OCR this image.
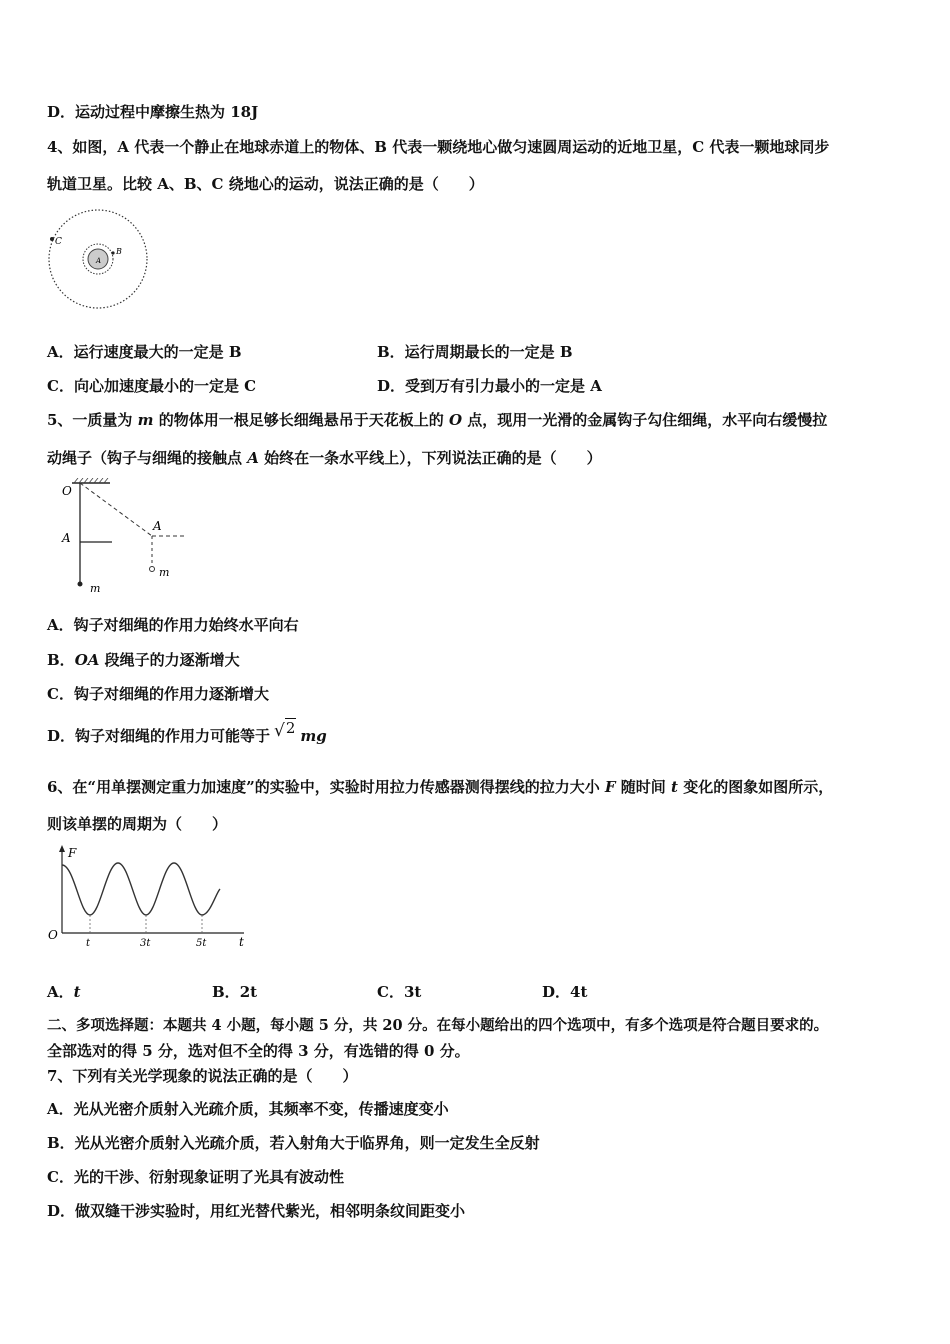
D．运动过程中摩擦生热为 18J
4、如图，A 代表一个静止在地球赤道上的物体、B 代表一颗绕地心做匀速圆周运动的近地卫星，C 代表一颗地球同步
轨道卫星。比较 A、B、C 绕地心的运动，说法正确的是（　　）
C
B
A
A．运行速度最大的一定是 B	B．运行周期最长的一定是 B
C．向心加速度最小的一定是 C	D．受到万有引力最小的一定是 A
5、一质量为 m 的物体用一根足够长细绳悬吊于天花板上的 O 点，现用一光滑的金属钩子勾住细绳，水平向右缓慢拉
动绳子（钩子与细绳的接触点 A 始终在一条水平线上），下列说法正确的是（　　）
O
A
m
A
m
A．钩子对细绳的作用力始终水平向右
B．OA 段绳子的力逐渐增大
C．钩子对细绳的作用力逐渐增大
D．钩子对细绳的作用力可能等于 √2 mg
6、在“用单摆测定重力加速度”的实验中，实验时用拉力传感器测得摆线的拉力大小 F 随时间 t 变化的图象如图所示，
则该单摆的周期为（　　）
F
O	t
t	3t	5t
A．t	B．2t	C．3t	D．4t
二、多项选择题：本题共 4 小题，每小题 5 分，共 20 分。在每小题给出的四个选项中，有多个选项是符合题目要求的。
全部选对的得 5 分，选对但不全的得 3 分，有选错的得 0 分。
7、下列有关光学现象的说法正确的是（　　）
A．光从光密介质射入光疏介质，其频率不变，传播速度变小
B．光从光密介质射入光疏介质，若入射角大于临界角，则一定发生全反射
C．光的干涉、衍射现象证明了光具有波动性
D．做双缝干涉实验时，用红光替代紫光，相邻明条纹间距变小
